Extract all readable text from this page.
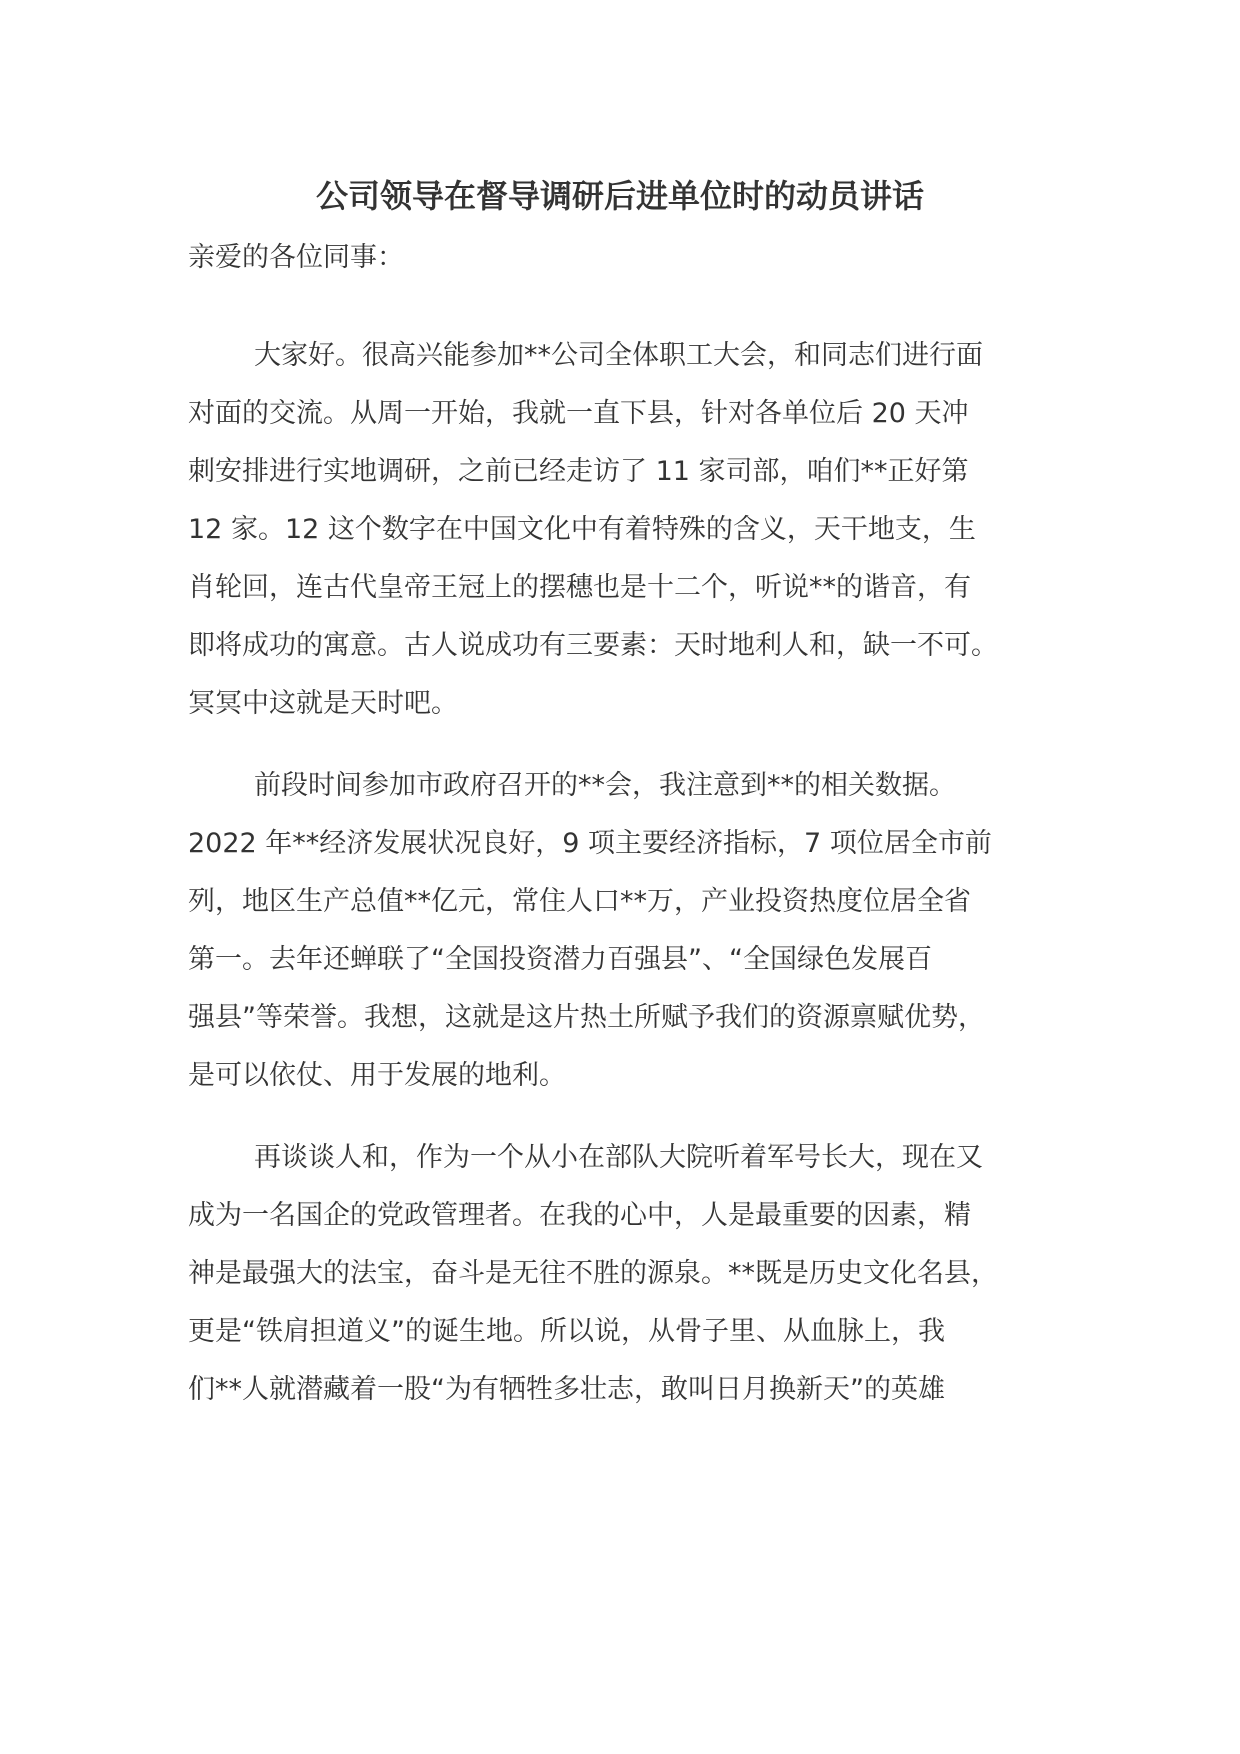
公司领导在督导调研后进单位时的动员讲话

亲爱的各位同事：

大家好。很高兴能参加**公司全体职工大会，和同志们进行面

对面的交流。从周一开始，我就一直下县，针对各单位后 20 天冲

刺安排进行实地调研，之前已经走访了 11 家司部，咱们**正好第

12 家。12 这个数字在中国文化中有着特殊的含义，天干地支，生

肖轮回，连古代皇帝王冠上的摆穗也是十二个，听说**的谐音，有

即将成功的寓意。古人说成功有三要素：天时地利人和，缺一不可。

冥冥中这就是天时吧。

前段时间参加市政府召开的**会，我注意到**的相关数据。

2022 年**经济发展状况良好，9 项主要经济指标，7 项位居全市前

列，地区生产总值**亿元，常住人口**万，产业投资热度位居全省

第一。去年还蝉联了“全国投资潜力百强县”、“全国绿色发展百

强县”等荣誉。我想，这就是这片热土所赋予我们的资源禀赋优势，

是可以依仗、用于发展的地利。

再谈谈人和，作为一个从小在部队大院听着军号长大，现在又

成为一名国企的党政管理者。在我的心中，人是最重要的因素，精

神是最强大的法宝，奋斗是无往不胜的源泉。**既是历史文化名县，

更是“铁肩担道义”的诞生地。所以说，从骨子里、从血脉上，我

们**人就潜藏着一股“为有牺牲多壮志，敢叫日月换新天”的英雄
